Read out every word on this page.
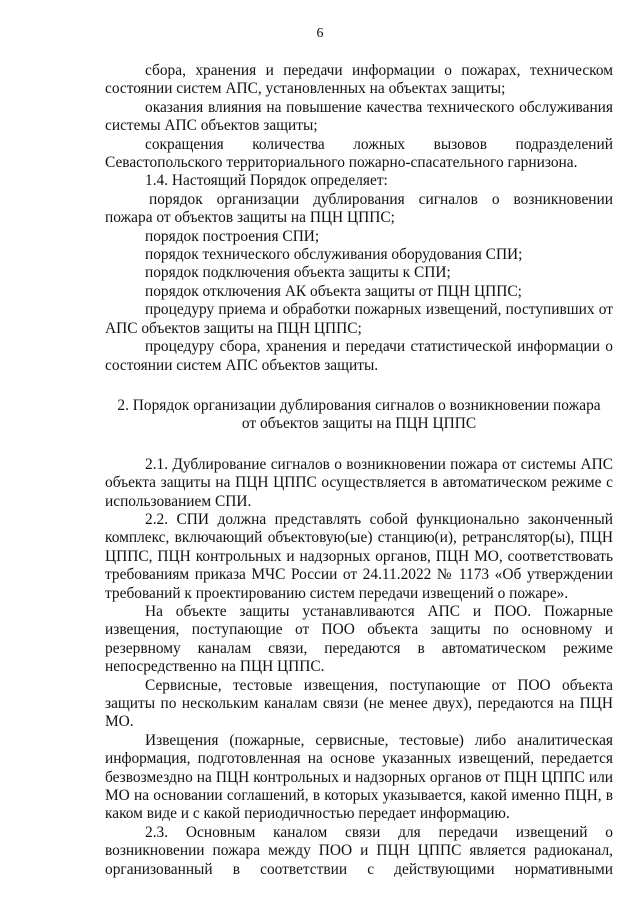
6

сбора, хранения и передачи информации о пожарах, техническом состоянии систем АПС, установленных на объектах защиты;

оказания влияния на повышение качества технического обслуживания системы АПС объектов защиты;

сокращения количества ложных вызовов подразделений Севастопольского территориального пожарно-спасательного гарнизона.

1.4. Настоящий Порядок определяет:

порядок организации дублирования сигналов о возникновении пожара от объектов защиты на ПЦН ЦППС;

порядок построения СПИ;

порядок технического обслуживания оборудования СПИ;

порядок подключения объекта защиты к СПИ;

порядок отключения АК объекта защиты от ПЦН ЦППС;

процедуру приема и обработки пожарных извещений, поступивших от АПС объектов защиты на ПЦН ЦППС;

процедуру сбора, хранения и передачи статистической информации о состоянии систем АПС объектов защиты.

2. Порядок организации дублирования сигналов о возникновении пожара
от объектов защиты на ПЦН ЦППС

2.1. Дублирование сигналов о возникновении пожара от системы АПС объекта защиты на ПЦН ЦППС осуществляется в автоматическом режиме с использованием СПИ.

2.2. СПИ должна представлять собой функционально законченный комплекс, включающий объектовую(ые) станцию(и), ретранслятор(ы), ПЦН ЦППС, ПЦН контрольных и надзорных органов, ПЦН МО, соответствовать требованиям приказа МЧС России от 24.11.2022 № 1173 «Об утверждении требований к проектированию систем передачи извещений о пожаре».

На объекте защиты устанавливаются АПС и ПОО. Пожарные извещения, поступающие от ПОО объекта защиты по основному и резервному каналам связи, передаются в автоматическом режиме непосредственно на ПЦН ЦППС.

Сервисные, тестовые извещения, поступающие от ПОО объекта защиты по нескольким каналам связи (не менее двух), передаются на ПЦН МО.

Извещения (пожарные, сервисные, тестовые) либо аналитическая информация, подготовленная на основе указанных извещений, передается безвозмездно на ПЦН контрольных и надзорных органов от ПЦН ЦППС или МО на основании соглашений, в которых указывается, какой именно ПЦН, в каком виде и с какой периодичностью передает информацию.

2.3. Основным каналом связи для передачи извещений о возникновении пожара между ПОО и ПЦН ЦППС является радиоканал, организованный в соответствии с действующими нормативными
